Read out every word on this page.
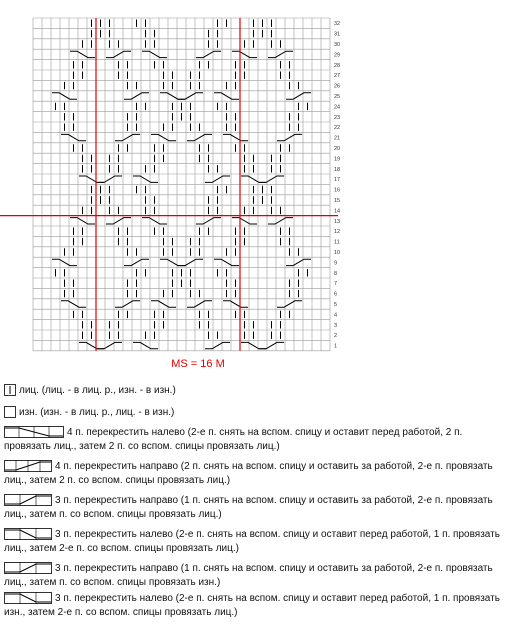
1
2
3
4
5
6
7
8
9
10
11
12
13
14
15
16
17
18
19
20
21
22
23
24
25
26
27
28
29
30
31
32
MS = 16 M
лиц. (лиц. - в лиц. р., изн. - в изн.)
изн. (изн. - в лиц. р., лиц. - в изн.)
4 п. перекрестить налево (2-е п. снять на вспом. спицу и оставит перед работой, 2 п. провязать лиц., затем 2 п. со вспом. спицы провязать лиц.)
4 п. перекрестить направо (2 п. снять на вспом. спицу и оставить за работой, 2-е п. провязать лиц., затем 2 п. со вспом. спицы провязать лиц.)
3 п. перекрестить направо (1 п. снять на вспом. спицу и оставить за работой, 2-е п. провязать лиц., затем п. со вспом. спицы провязать лиц.)
3 п. перекрестить налево (2-е п. снять на вспом. спицу и оставит перед работой, 1 п. провязать лиц., затем 2-е п. со вспом. спицы провязать лиц.)
3 п. перекрестить направо (1 п. снять на вспом. спицу и оставить за работой, 2-е п. провязать лиц., затем п. со вспом. спицы провязать изн.)
3 п. перекрестить налево (2-е п. снять на вспом. спицу и оставит перед работой, 1 п. провязать изн., затем 2-е п. со вспом. спицы провязать лиц.)
